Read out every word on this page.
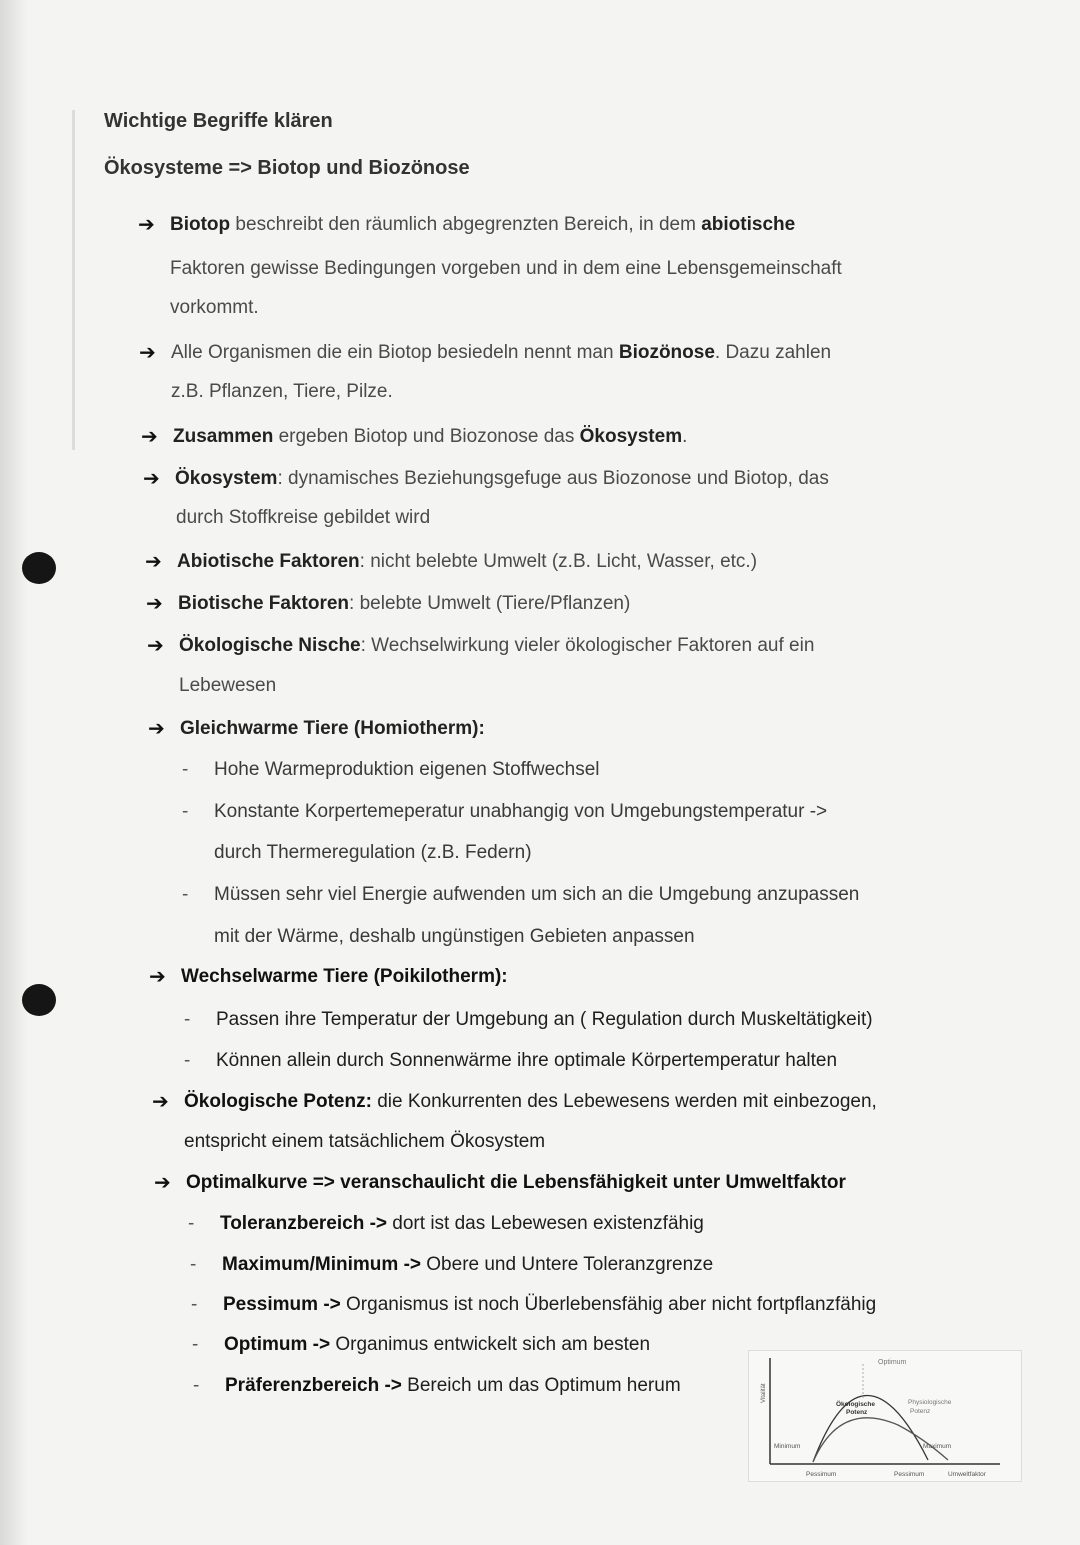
Wichtige Begriffe klären
Ökosysteme => Biotop und Biozönose
➔ Biotop beschreibt den räumlich abgegrenzten Bereich, in dem abiotische
Faktoren gewisse Bedingungen vorgeben und in dem eine Lebensgemeinschaft
vorkommt.
➔ Alle Organismen die ein Biotop besiedeln nennt man Biozönose. Dazu zahlen
z.B. Pflanzen, Tiere, Pilze.
➔ Zusammen ergeben Biotop und Biozonose das Ökosystem.
➔ Ökosystem: dynamisches Beziehungsgefuge aus Biozonose und Biotop, das
durch Stoffkreise gebildet wird
➔ Abiotische Faktoren: nicht belebte Umwelt (z.B. Licht, Wasser, etc.)
➔ Biotische Faktoren: belebte Umwelt (Tiere/Pflanzen)
➔ Ökologische Nische: Wechselwirkung vieler ökologischer Faktoren auf ein
Lebewesen
➔ Gleichwarme Tiere (Homiotherm):
- Hohe Warmeproduktion eigenen Stoffwechsel
- Konstante Korpertemeperatur unabhangig von Umgebungstemperatur ->
durch Thermeregulation (z.B. Federn)
- Müssen sehr viel Energie aufwenden um sich an die Umgebung anzupassen
mit der Wärme, deshalb ungünstigen Gebieten anpassen
➔ Wechselwarme Tiere (Poikilotherm):
- Passen ihre Temperatur der Umgebung an ( Regulation durch Muskeltätigkeit)
- Können allein durch Sonnenwärme ihre optimale Körpertemperatur halten
➔ Ökologische Potenz: die Konkurrenten des Lebewesens werden mit einbezogen,
entspricht einem tatsächlichem Ökosystem
➔ Optimalkurve => veranschaulicht die Lebensfähigkeit unter Umweltfaktor
- Toleranzbereich -> dort ist das Lebewesen existenzfähig
- Maximum/Minimum -> Obere und Untere Toleranzgrenze
- Pessimum -> Organismus ist noch Überlebensfähig aber nicht fortpflanzfähig
- Optimum -> Organimus entwickelt sich am besten
- Präferenzbereich -> Bereich um das Optimum herum	Vitalität
Optimum
Ökologische
Potenz
Physiologische
Potenz
Minimum	Maximum
Pessimum	Pessimum	Umweltfaktor
